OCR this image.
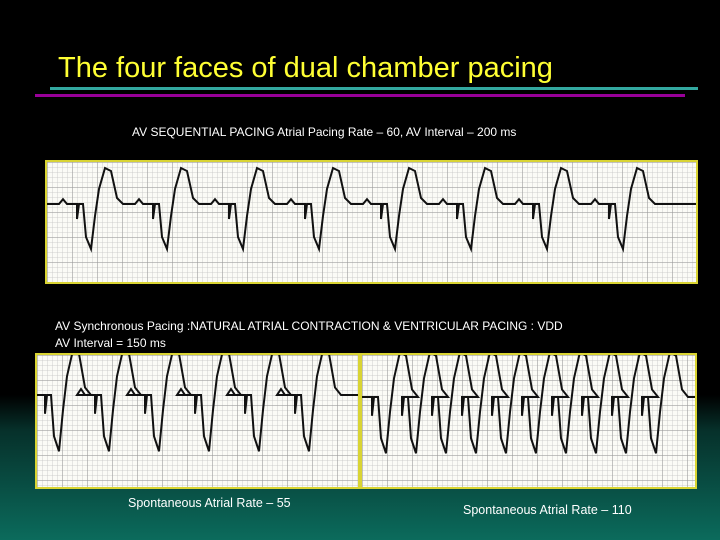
The four faces of dual chamber pacing
AV SEQUENTIAL PACING Atrial Pacing Rate – 60, AV Interval – 200 ms
AV Synchronous Pacing :NATURAL ATRIAL CONTRACTION & VENTRICULAR PACING : VDD
AV Interval = 150 ms
Spontaneous Atrial Rate – 55	Spontaneous Atrial Rate – 110
